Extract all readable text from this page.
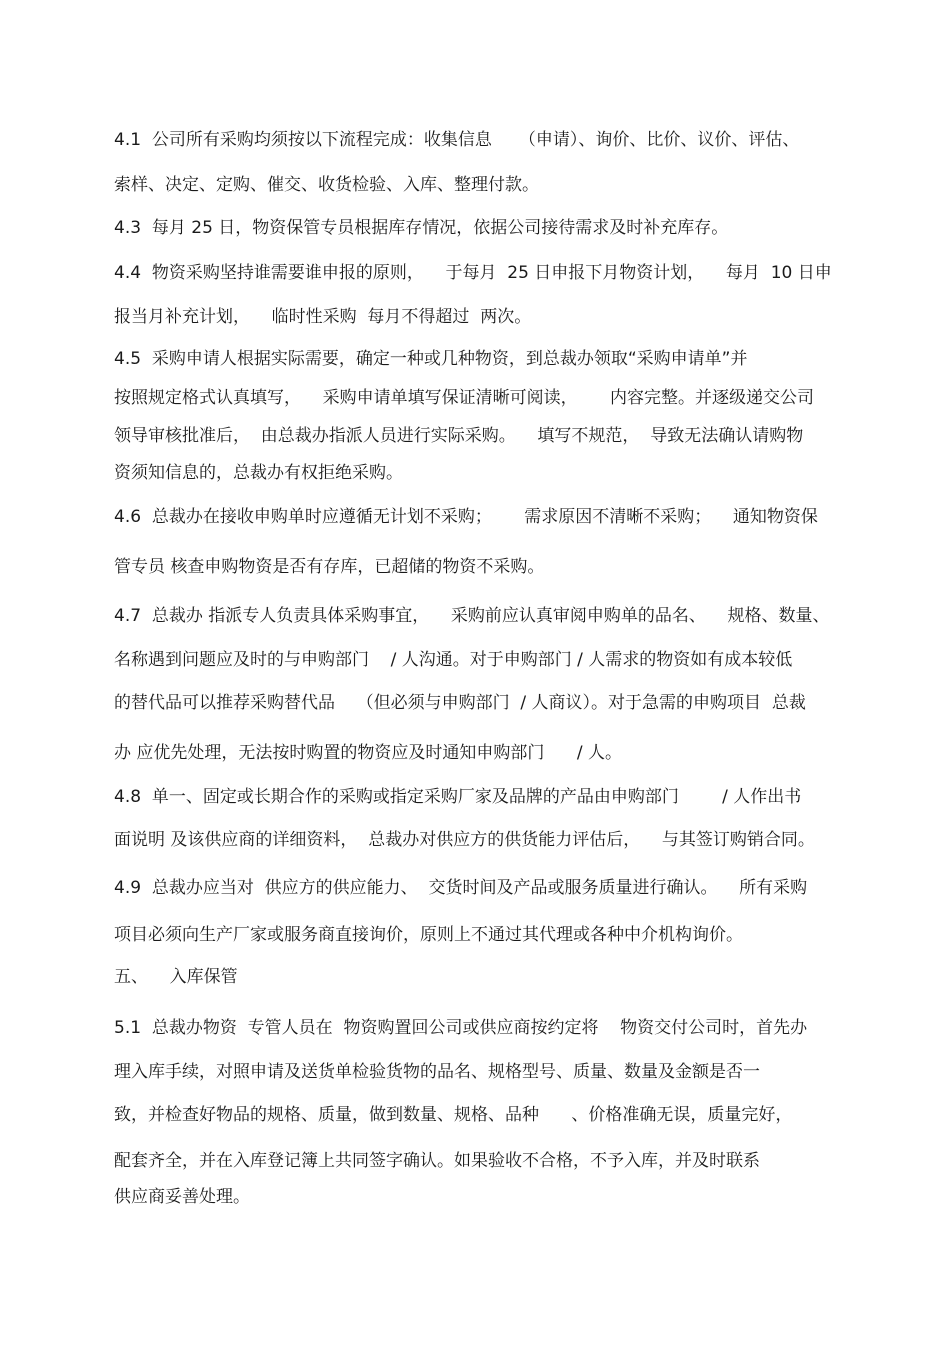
4.1  公司所有采购均须按以下流程完成：收集信息     （申请）、询价、比价、议价、评估、

索样、决定、定购、催交、收货检验、入库、整理付款。

4.3  每月 25 日，物资保管专员根据库存情况，依据公司接待需求及时补充库存。

4.4  物资采购坚持谁需要谁申报的原则，    于每月  25 日申报下月物资计划，    每月  10 日申

报当月补充计划，    临时性采购  每月不得超过  两次。

4.5  采购申请人根据实际需要，确定一种或几种物资，到总裁办领取“采购申请单”并

按照规定格式认真填写，    采购申请单填写保证清晰可阅读，      内容完整。并逐级递交公司

领导审核批准后，  由总裁办指派人员进行实际采购。    填写不规范，  导致无法确认请购物

资须知信息的，总裁办有权拒绝采购。

4.6  总裁办在接收申购单时应遵循无计划不采购；      需求原因不清晰不采购；    通知物资保

管专员 核查申购物资是否有存库，已超储的物资不采购。

4.7  总裁办 指派专人负责具体采购事宜，    采购前应认真审阅申购单的品名、    规格、数量、

名称遇到问题应及时的与申购部门    / 人沟通。对于申购部门 / 人需求的物资如有成本较低

的替代品可以推荐采购替代品    （但必须与申购部门  / 人商议）。对于急需的申购项目  总裁

办 应优先处理，无法按时购置的物资应及时通知申购部门      / 人。

4.8  单一、固定或长期合作的采购或指定采购厂家及品牌的产品由申购部门        / 人作出书

面说明 及该供应商的详细资料，  总裁办对供应方的供货能力评估后，    与其签订购销合同。

4.9  总裁办应当对  供应方的供应能力、  交货时间及产品或服务质量进行确认。    所有采购

项目必须向生产厂家或服务商直接询价，原则上不通过其代理或各种中介机构询价。

五、    入库保管

5.1  总裁办物资  专管人员在  物资购置回公司或供应商按约定将    物资交付公司时，首先办

理入库手续，对照申请及送货单检验货物的品名、规格型号、质量、数量及金额是否一

致，并检查好物品的规格、质量，做到数量、规格、品种      、价格准确无误，质量完好，

配套齐全，并在入库登记簿上共同签字确认。如果验收不合格，不予入库，并及时联系

供应商妥善处理。
